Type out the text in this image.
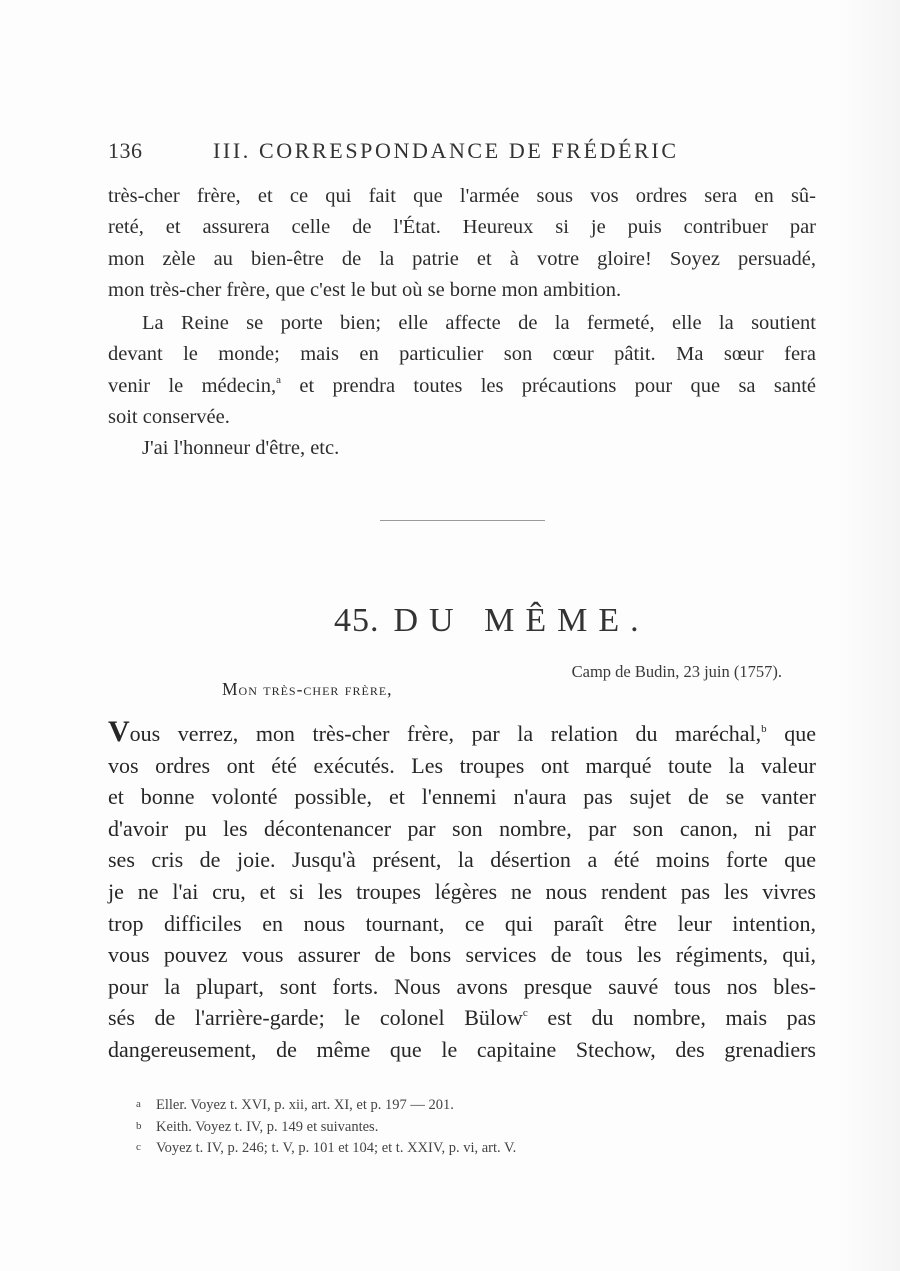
136	III. CORRESPONDANCE DE FRÉDÉRIC
très-cher frère, et ce qui fait que l'armée sous vos ordres sera en sû-
reté, et assurera celle de l'État. Heureux si je puis contribuer par
mon zèle au bien-être de la patrie et à votre gloire! Soyez persuadé,
mon très-cher frère, que c'est le but où se borne mon ambition.
La Reine se porte bien; elle affecte de la fermeté, elle la soutient
devant le monde; mais en particulier son cœur pâtit. Ma sœur fera
venir le médecin,$^a$ et prendra toutes les précautions pour que sa santé
soit conservée.
J'ai l'honneur d'être, etc.
45. DU MÊME.
Camp de Budin, 23 juin (1757).
Mon très-cher frère,
Vous verrez, mon très-cher frère, par la relation du maréchal,$^b$ que
vos ordres ont été exécutés. Les troupes ont marqué toute la valeur
et bonne volonté possible, et l'ennemi n'aura pas sujet de se vanter
d'avoir pu les décontenancer par son nombre, par son canon, ni par
ses cris de joie. Jusqu'à présent, la désertion a été moins forte que
je ne l'ai cru, et si les troupes légères ne nous rendent pas les vivres
trop difficiles en nous tournant, ce qui paraît être leur intention,
vous pouvez vous assurer de bons services de tous les régiments, qui,
pour la plupart, sont forts. Nous avons presque sauvé tous nos bles-
sés de l'arrière-garde; le colonel Bülow$^c$ est du nombre, mais pas
dangereusement, de même que le capitaine Stechow, des grenadiers
a Eller. Voyez t. XVI, p. xii, art. XI, et p. 197 — 201.
b Keith. Voyez t. IV, p. 149 et suivantes.
c Voyez t. IV, p. 246; t. V, p. 101 et 104; et t. XXIV, p. vi, art. V.
